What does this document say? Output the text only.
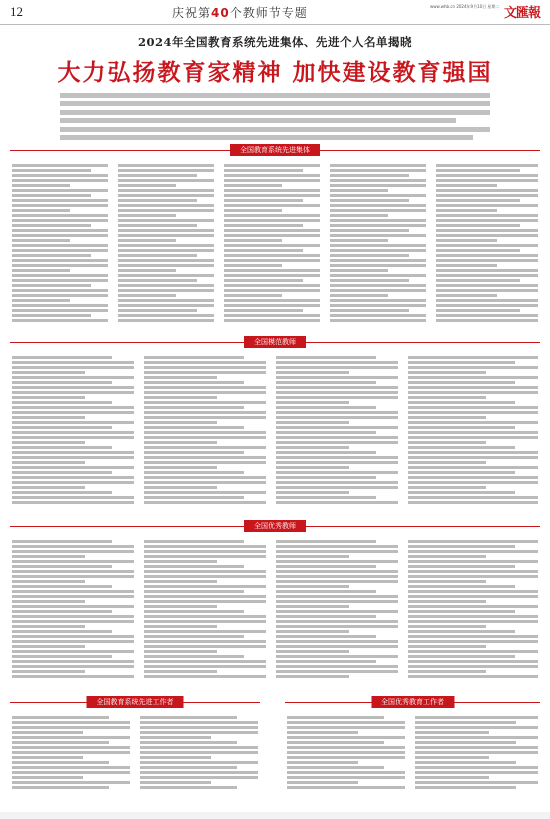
12	庆祝第40个教师节专题	www.whb.cn 2024年9月10日 星期二 文匯報
2024年全国教育系统先进集体、先进个人名单揭晓
大力弘扬教育家精神 加快建设教育强国
全国教育系统先进集体
全国模范教师
全国优秀教师
全国教育系统先进工作者	全国优秀教育工作者
